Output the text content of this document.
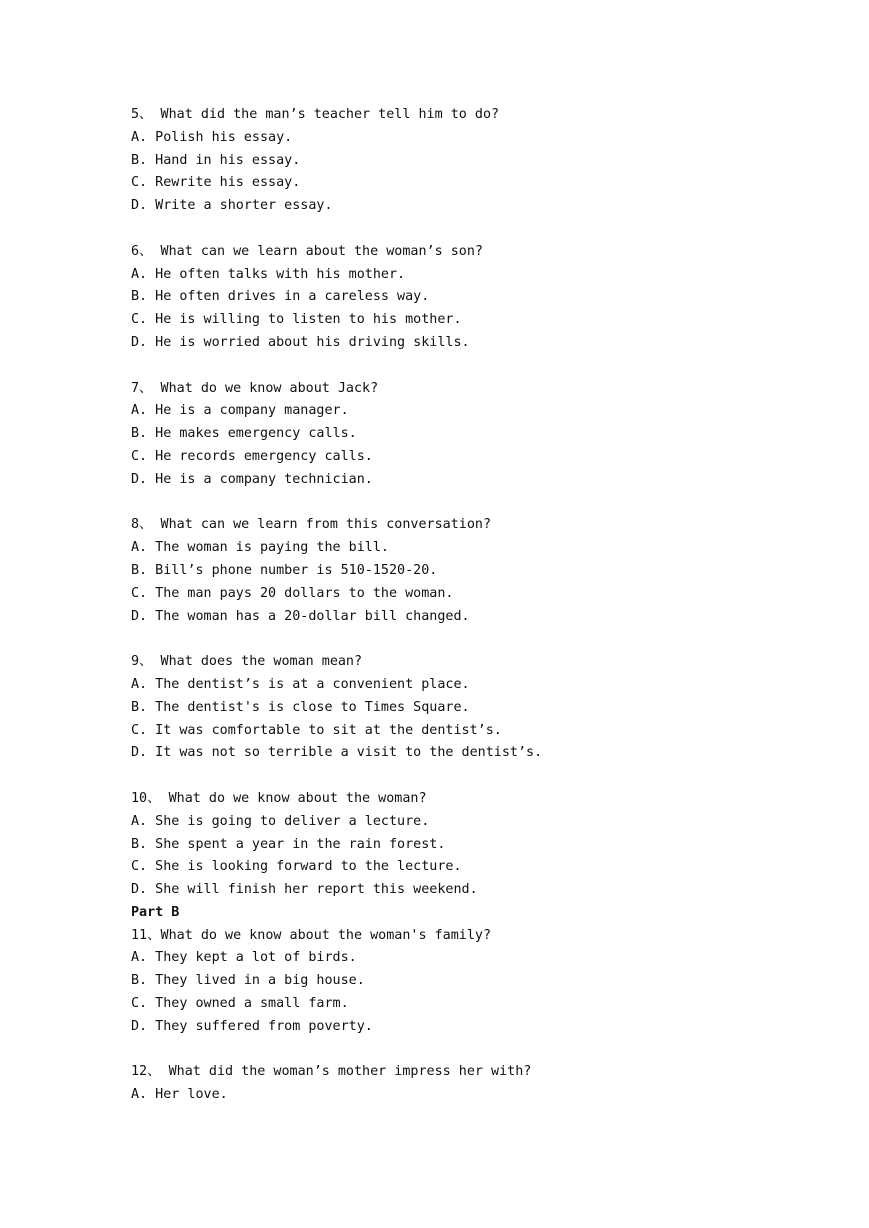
5、 What did the man’s teacher tell him to do?
A. Polish his essay.
B. Hand in his essay.
C. Rewrite his essay.
D. Write a shorter essay.
6、 What can we learn about the woman’s son?
A. He often talks with his mother.
B. He often drives in a careless way.
C. He is willing to listen to his mother.
D. He is worried about his driving skills.
7、 What do we know about Jack?
A. He is a company manager.
B. He makes emergency calls.
C. He records emergency calls.
D. He is a company technician.
8、 What can we learn from this conversation?
A. The woman is paying the bill.
B. Bill’s phone number is 510-1520-20.
C. The man pays 20 dollars to the woman.
D. The woman has a 20-dollar bill changed.
9、 What does the woman mean?
A. The dentist’s is at a convenient place.
B. The dentist's is close to Times Square.
C. It was comfortable to sit at the dentist’s.
D. It was not so terrible a visit to the dentist’s.
10、 What do we know about the woman?
A. She is going to deliver a lecture.
B. She spent a year in the rain forest.
C. She is looking forward to the lecture.
D. She will finish her report this weekend.
Part B
11、What do we know about the woman's family?
A. They kept a lot of birds.
B. They lived in a big house.
C. They owned a small farm.
D. They suffered from poverty.
12、 What did the woman’s mother impress her with?
A. Her love.
